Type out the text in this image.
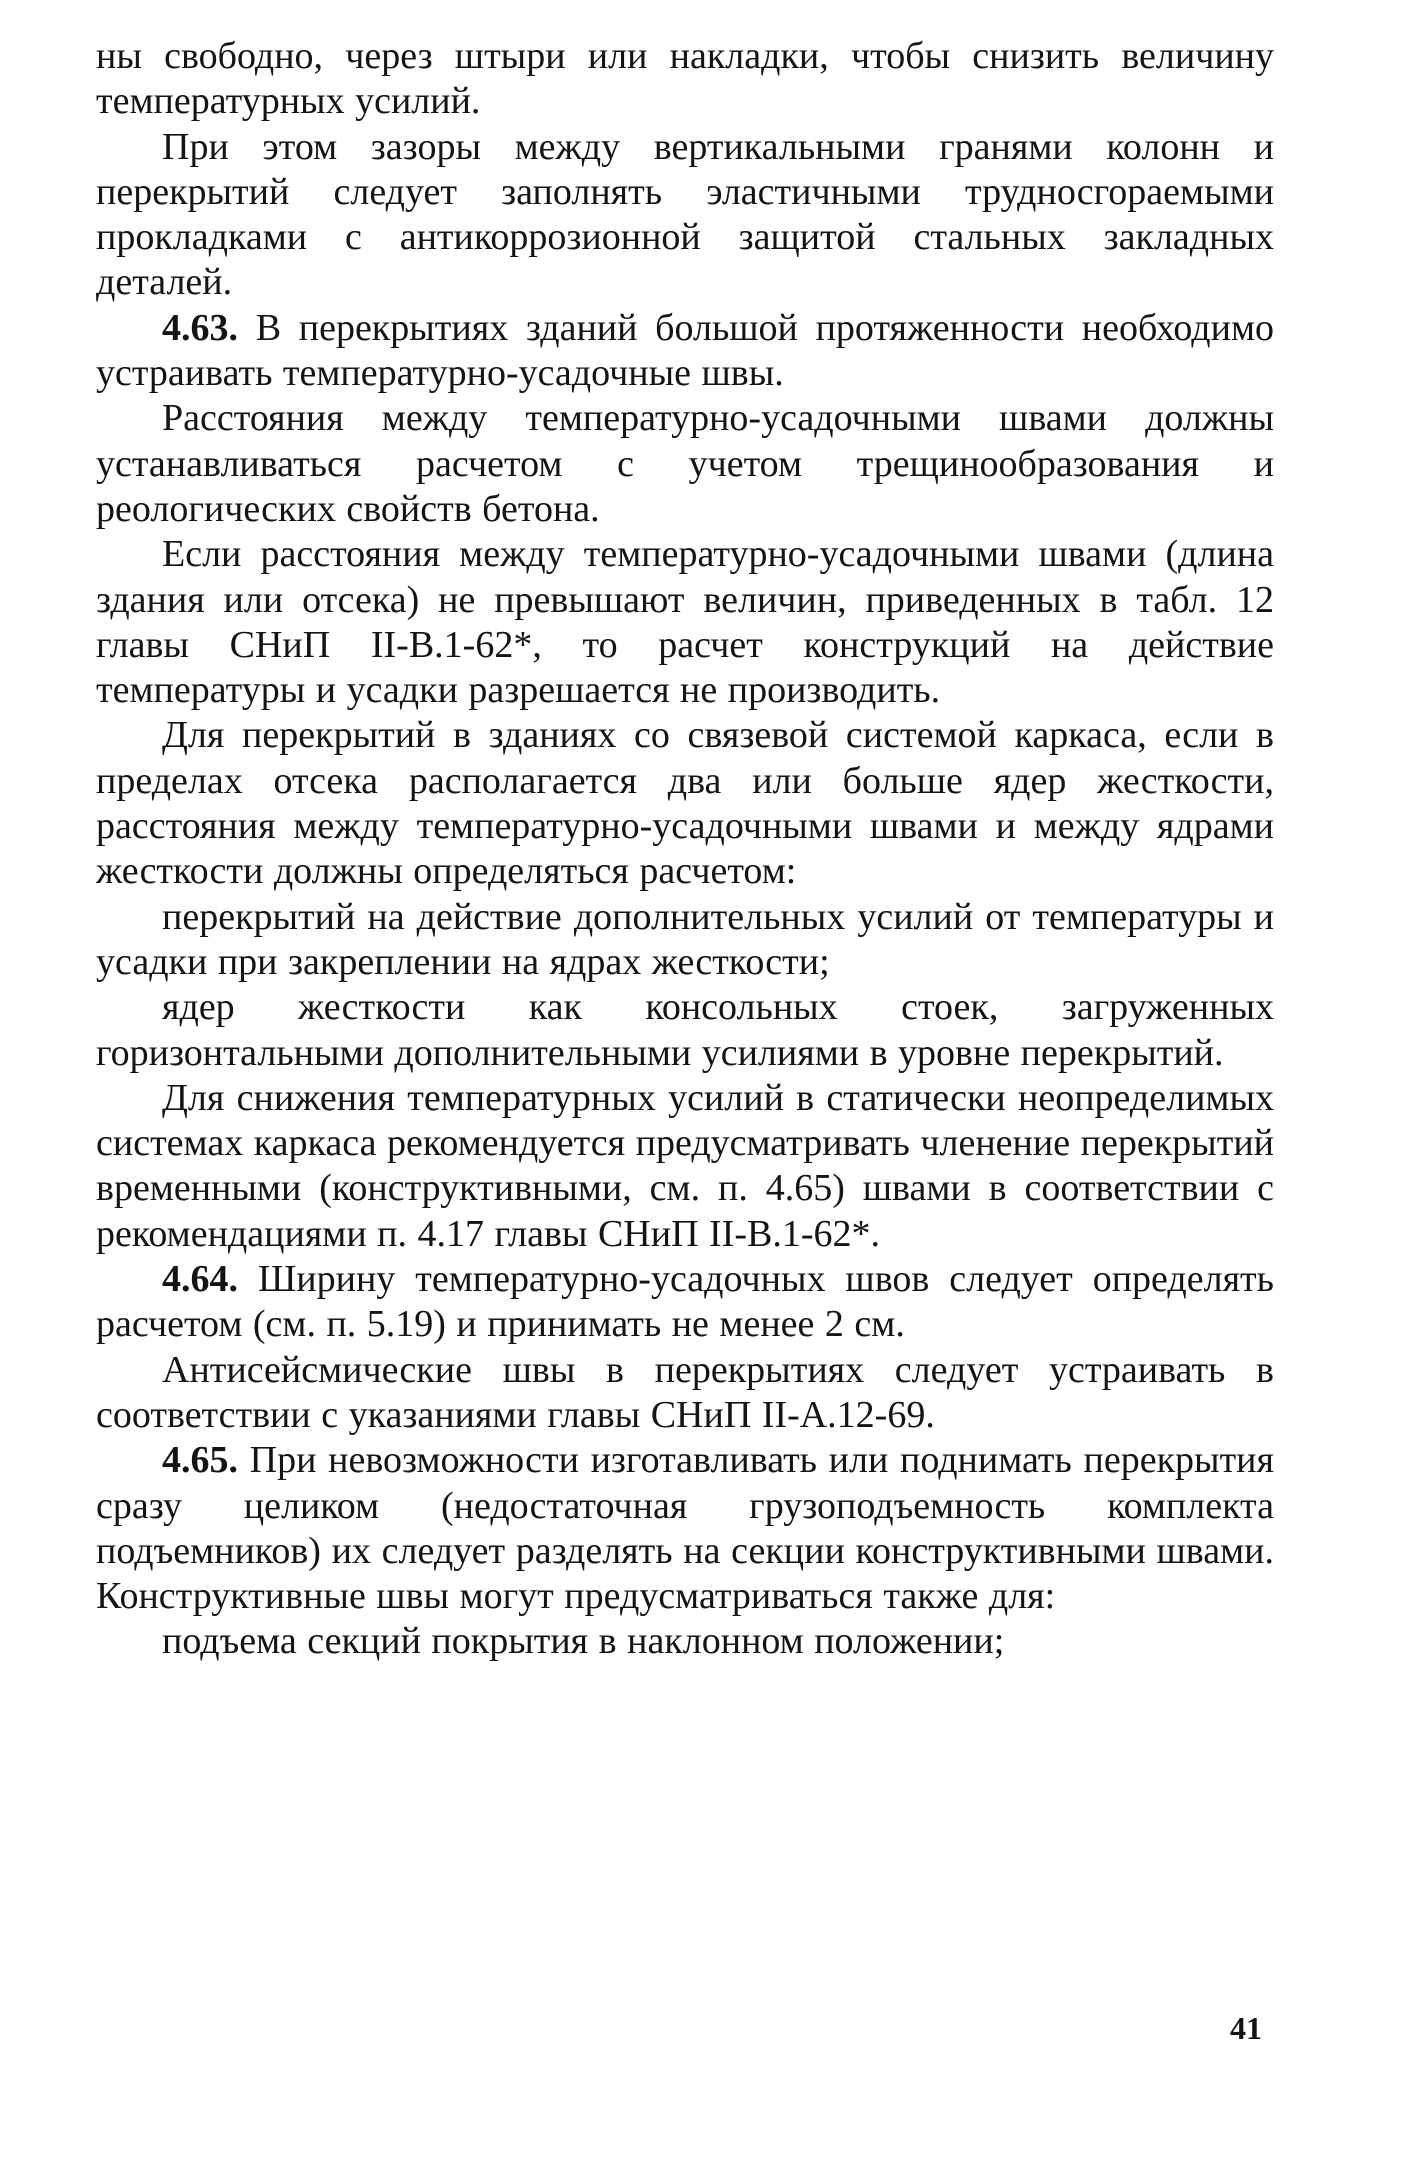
ны свободно, через штыри или накладки, чтобы снизить величину температурных усилий.

При этом зазоры между вертикальными гранями колонн и перекрытий следует заполнять эластичными трудносгораемыми прокладками с антикоррозионной защитой стальных закладных деталей.

4.63. В перекрытиях зданий большой протяженности необходимо устраивать температурно-усадочные швы.

Расстояния между температурно-усадочными швами должны устанавливаться расчетом с учетом трещинообразования и реологических свойств бетона.

Если расстояния между температурно-усадочными швами (длина здания или отсека) не превышают величин, приведенных в табл. 12 главы СНиП II-В.1-62*, то расчет конструкций на действие температуры и усадки разрешается не производить.

Для перекрытий в зданиях со связевой системой каркаса, если в пределах отсека располагается два или больше ядер жесткости, расстояния между температурно-усадочными швами и между ядрами жесткости должны определяться расчетом:

перекрытий на действие дополнительных усилий от температуры и усадки при закреплении на ядрах жесткости;

ядер жесткости как консольных стоек, загруженных горизонтальными дополнительными усилиями в уровне перекрытий.

Для снижения температурных усилий в статически неопределимых системах каркаса рекомендуется предусматривать членение перекрытий временными (конструктивными, см. п. 4.65) швами в соответствии с рекомендациями п. 4.17 главы СНиП II-В.1-62*.

4.64. Ширину температурно-усадочных швов следует определять расчетом (см. п. 5.19) и принимать не менее 2 см.

Антисейсмические швы в перекрытиях следует устраивать в соответствии с указаниями главы СНиП II-А.12-69.

4.65. При невозможности изготавливать или поднимать перекрытия сразу целиком (недостаточная грузоподъемность комплекта подъемников) их следует разделять на секции конструктивными швами. Конструктивные швы могут предусматриваться также для:

подъема секций покрытия в наклонном положении;

41
